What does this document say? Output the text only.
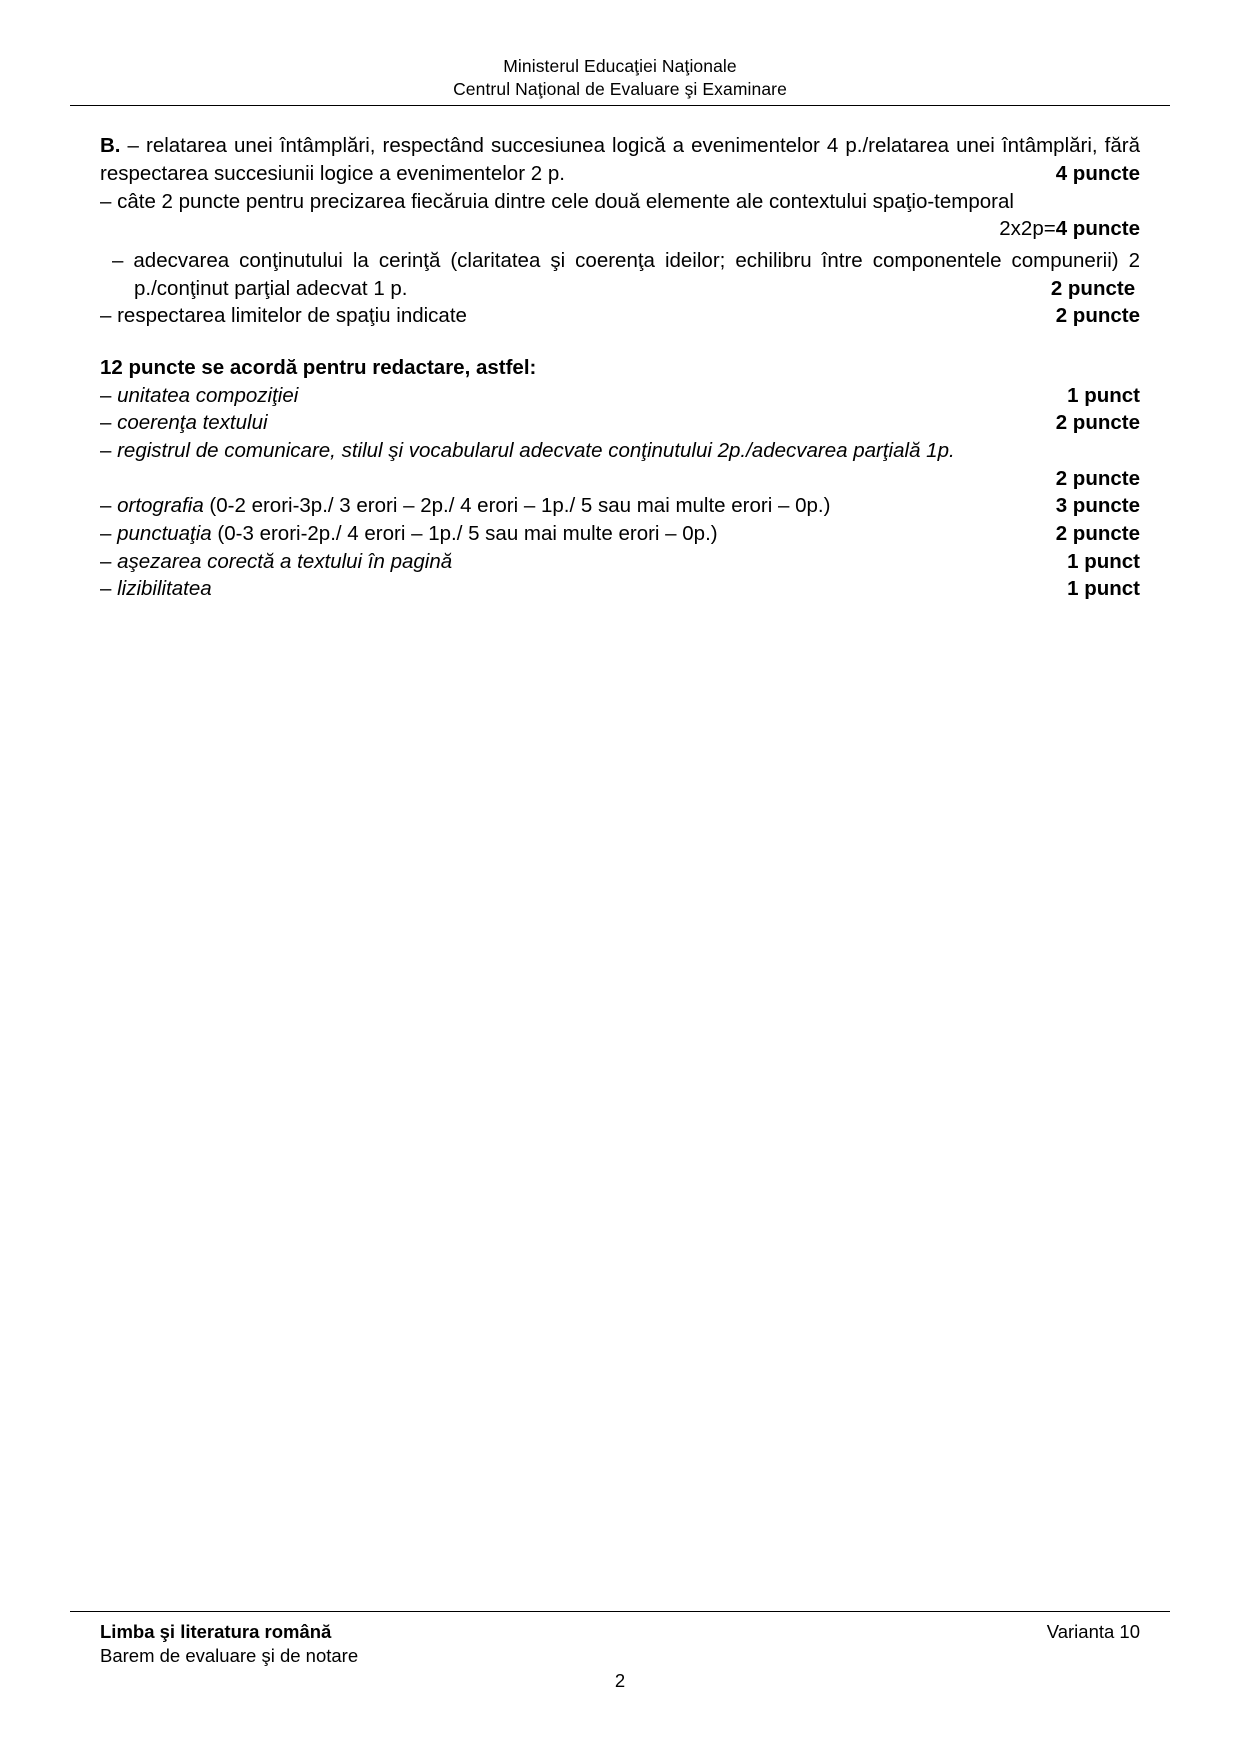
Ministerul Educaţiei Naţionale
Centrul Naţional de Evaluare şi Examinare
B. – relatarea unei întâmplări, respectând succesiunea logică a evenimentelor 4 p./relatarea unei întâmplări, fără respectarea succesiunii logice a evenimentelor 2 p.	4 puncte
– câte 2 puncte pentru precizarea fiecăruia dintre cele două elemente ale contextului spaţio-temporal
2x2p=4 puncte
– adecvarea conţinutului la cerinţă (claritatea şi coerenţa ideilor; echilibru între componentele compunerii) 2 p./conţinut parţial adecvat 1 p.	2 puncte
– respectarea limitelor de spaţiu indicate	2 puncte
12 puncte se acordă pentru redactare, astfel:
– unitatea compoziţiei	1 punct
– coerenţa textului	2 puncte
– registrul de comunicare, stilul şi vocabularul adecvate conţinutului 2p./adecvarea parţială 1p.
2 puncte
– ortografia (0-2 erori-3p./ 3 erori – 2p./ 4 erori – 1p./ 5 sau mai multe erori – 0p.)	3 puncte
– punctuaţia (0-3 erori-2p./ 4 erori – 1p./ 5 sau mai multe erori – 0p.)	2 puncte
– aşezarea corectă a textului în pagină	1 punct
– lizibilitatea	1 punct
Limba şi literatura română
Barem de evaluare şi de notare
Varianta 10
2
